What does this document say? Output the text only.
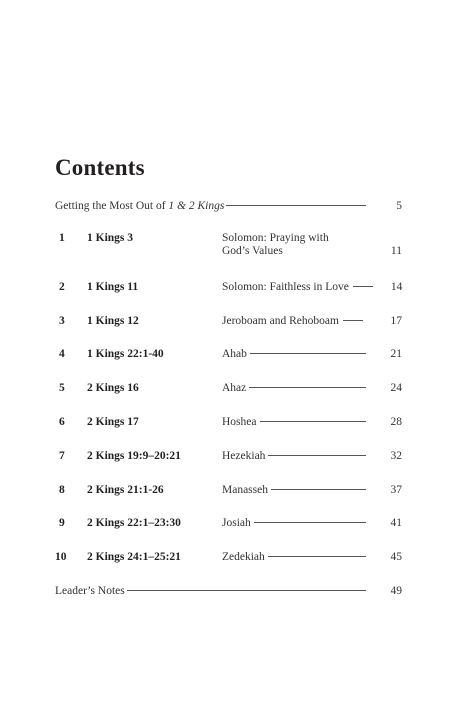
Contents
Getting the Most Out of 1 & 2 Kings	5
1 1 Kings 3	Solomon: Praying with
God’s Values	11
2 1 Kings 11	Solomon: Faithless in Love	14
3 1 Kings 12	Jeroboam and Rehoboam	17
4 1 Kings 22:1-40	Ahab	21
5 2 Kings 16	Ahaz	24
6 2 Kings 17	Hoshea	28
7 2 Kings 19:9–20:21	Hezekiah	32
8 2 Kings 21:1-26	Manasseh	37
9 2 Kings 22:1–23:30	Josiah	41
10 2 Kings 24:1–25:21	Zedekiah	45
Leader’s Notes	49
